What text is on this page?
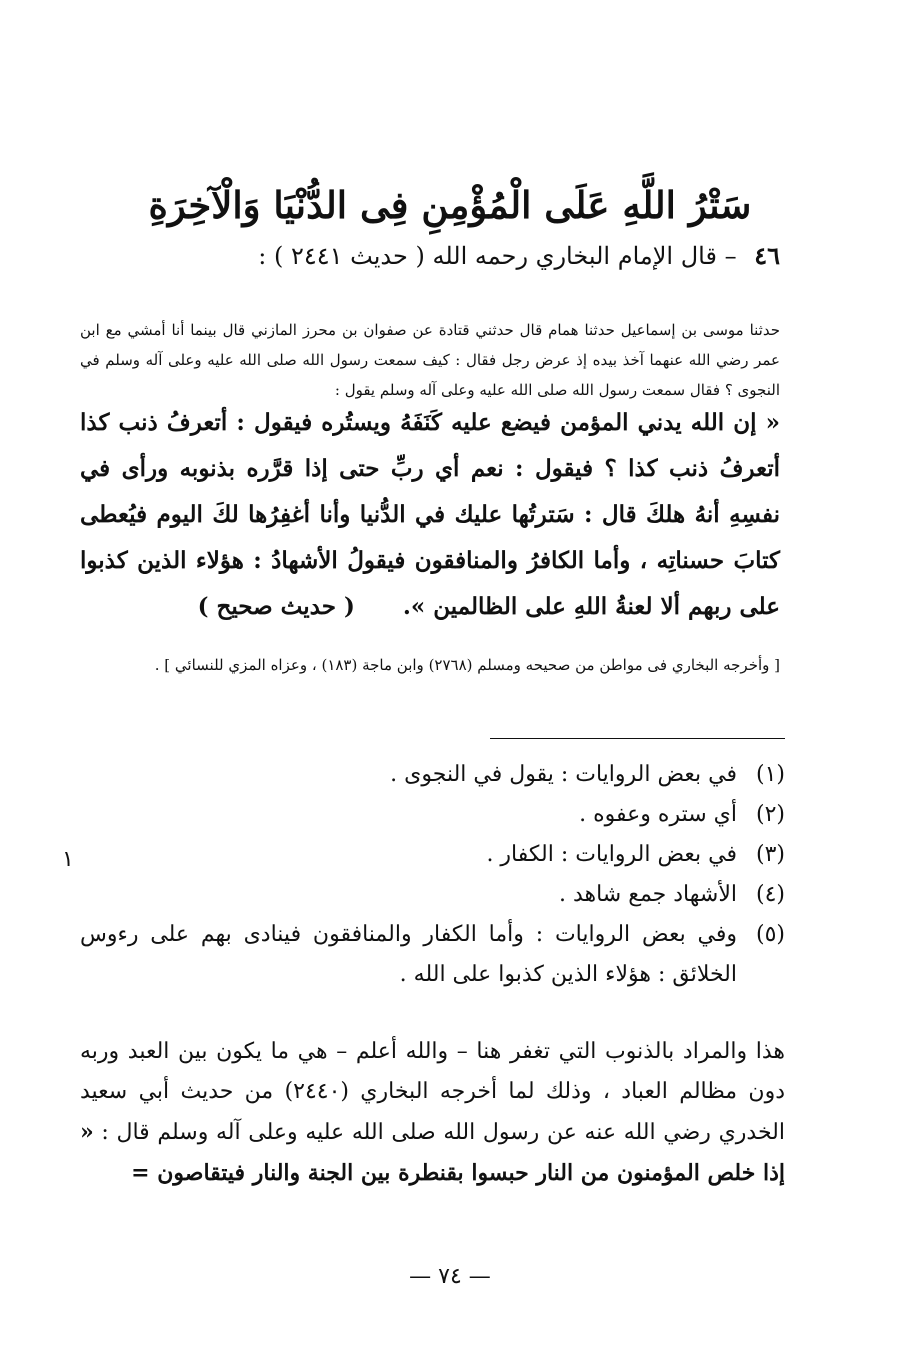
سَتْرُ اللَّهِ عَلَى الْمُؤْمِنِ فِى الدُّنْيَا وَالْآخِرَةِ
٤٦ – قال الإمام البخاري رحمه الله ( حديث ٢٤٤١ ) :

حدثنا موسى بن إسماعيل حدثنا همام قال حدثني قتادة عن صفوان بن محرز المازني قال بينما أنا أمشي مع ابن عمر رضي الله عنهما آخذ بيده إذ عرض رجل فقال : كيف سمعت رسول الله صلى الله عليه وعلى آله وسلم في النجوى ؟ فقال سمعت رسول الله صلى الله عليه وعلى آله وسلم يقول :

« إن الله يدني المؤمن فيضع عليه كَنَفَهُ ويستُره فيقول : أتعرفُ ذنب كذا أتعرفُ ذنب كذا ؟ فيقول : نعم أي ربِّ حتى إذا قرَّره بذنوبه ورأى في نفسِهِ أنهُ هلكَ قال : سَترتُها عليك في الدُّنيا وأنا أغفِرُها لكَ اليوم فيُعطى كتابَ حسناتِه ، وأما الكافرُ والمنافقون فيقولُ الأشهادُ : هؤلاء الذين كذبوا على ربهم ألا لعنةُ اللهِ على الظالمين ». ( حديث صحيح )

[ وأخرجه البخاري فى مواطن من صحيحه ومسلم (٢٧٦٨) وابن ماجة (١٨٣) ، وعزاه المزي للنسائي ] .

(١)
في بعض الروايات : يقول في النجوى .
(٢)
أي ستره وعفوه .
(٣)
في بعض الروايات : الكفار .
(٤)
الأشهاد جمع شاهد .
(٥)
وفي بعض الروايات : وأما الكفار والمنافقون فينادى بهم على رءوس الخلائق : هؤلاء الذين كذبوا على الله .

هذا والمراد بالذنوب التي تغفر هنا – والله أعلم – هي ما يكون بين العبد وربه دون مظالم العباد ، وذلك لما أخرجه البخاري (٢٤٤٠) من حديث أبي سعيد الخدري رضي الله عنه عن رسول الله صلى الله عليه وعلى آله وسلم قال : « إذا خلص المؤمنون من النار حبسوا بقنطرة بين الجنة والنار فيتقاصون =

١
— ٧٤ —
